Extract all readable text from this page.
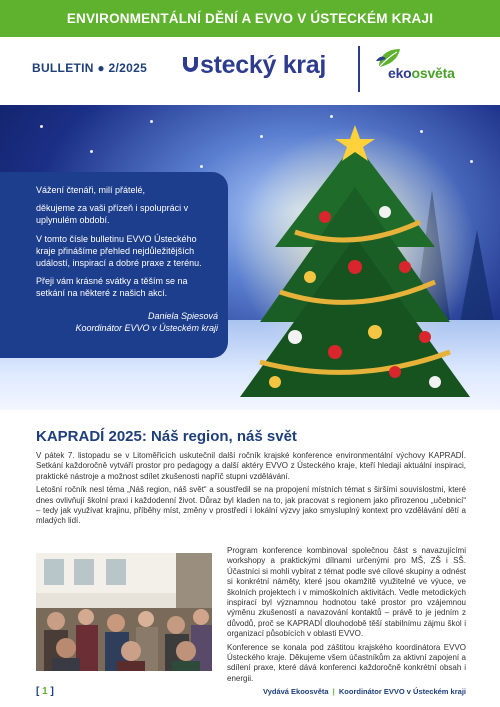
ENVIRONMENTÁLNÍ DĚNÍ A EVVO V ÚSTECKÉM KRAJI
BULLETIN ● 2/2025	stecký kraj	ekoosvěta

Vážení čtenáři, milí přátelé,

děkujeme za vaši přízeň i spolupráci v uplynulém období.

V tomto čísle bulletinu EVVO Ústeckého kraje přinášíme přehled nejdůležitějších událostí, inspirací a dobré praxe z terénu.

Přeji vám krásné svátky a těším se na setkání na některé z našich akcí.

Daniela Spiesová
Koordinátor EVVO v Ústeckém kraji

KAPRADÍ 2025: Náš region, náš svět

V pátek 7. listopadu se v Litoměřicích uskutečnil další ročník krajské konference environmentální výchovy KAPRADÍ. Setkání každoročně vytváří prostor pro pedagogy a další aktéry EVVO z Ústeckého kraje, kteří hledají aktuální inspiraci, praktické nástroje a možnost sdílet zkušenosti napříč stupni vzdělávání.

Letošní ročník nesl téma „Náš region, náš svět“ a soustředil se na propojení místních témat s širšími souvislostmi, které dnes ovlivňují školní praxi i každodenní život. Důraz byl kladen na to, jak pracovat s regionem jako přirozenou „učebnicí“ – tedy jak využívat krajinu, příběhy míst, změny v prostředí i lokální výzvy jako smysluplný kontext pro vzdělávání dětí a mladých lidí.

Program konference kombinoval společnou část s navazujícími workshopy a praktickými dílnami určenými pro MŠ, ZŠ i SŠ. Účastníci si mohli vybírat z témat podle své cílové skupiny a odnést si konkrétní náměty, které jsou okamžitě využitelné ve výuce, ve školních projektech i v mimoškolních aktivitách. Vedle metodických inspirací byl významnou hodnotou také prostor pro vzájemnou výměnu zkušeností a navazování kontaktů – právě to je jedním z důvodů, proč se KAPRADÍ dlouhodobě těší stabilnímu zájmu škol i organizací působících v oblasti EVVO.

Konference se konala pod záštitou krajského koordinátora EVVO Ústeckého kraje. Děkujeme všem účastníkům za aktivní zapojení a sdílení praxe, které dává konferenci každoročně konkrétní obsah i energii.

[ 1 ]	Vydává Ekoosvěta | Koordinátor EVVO v Ústeckém kraji
